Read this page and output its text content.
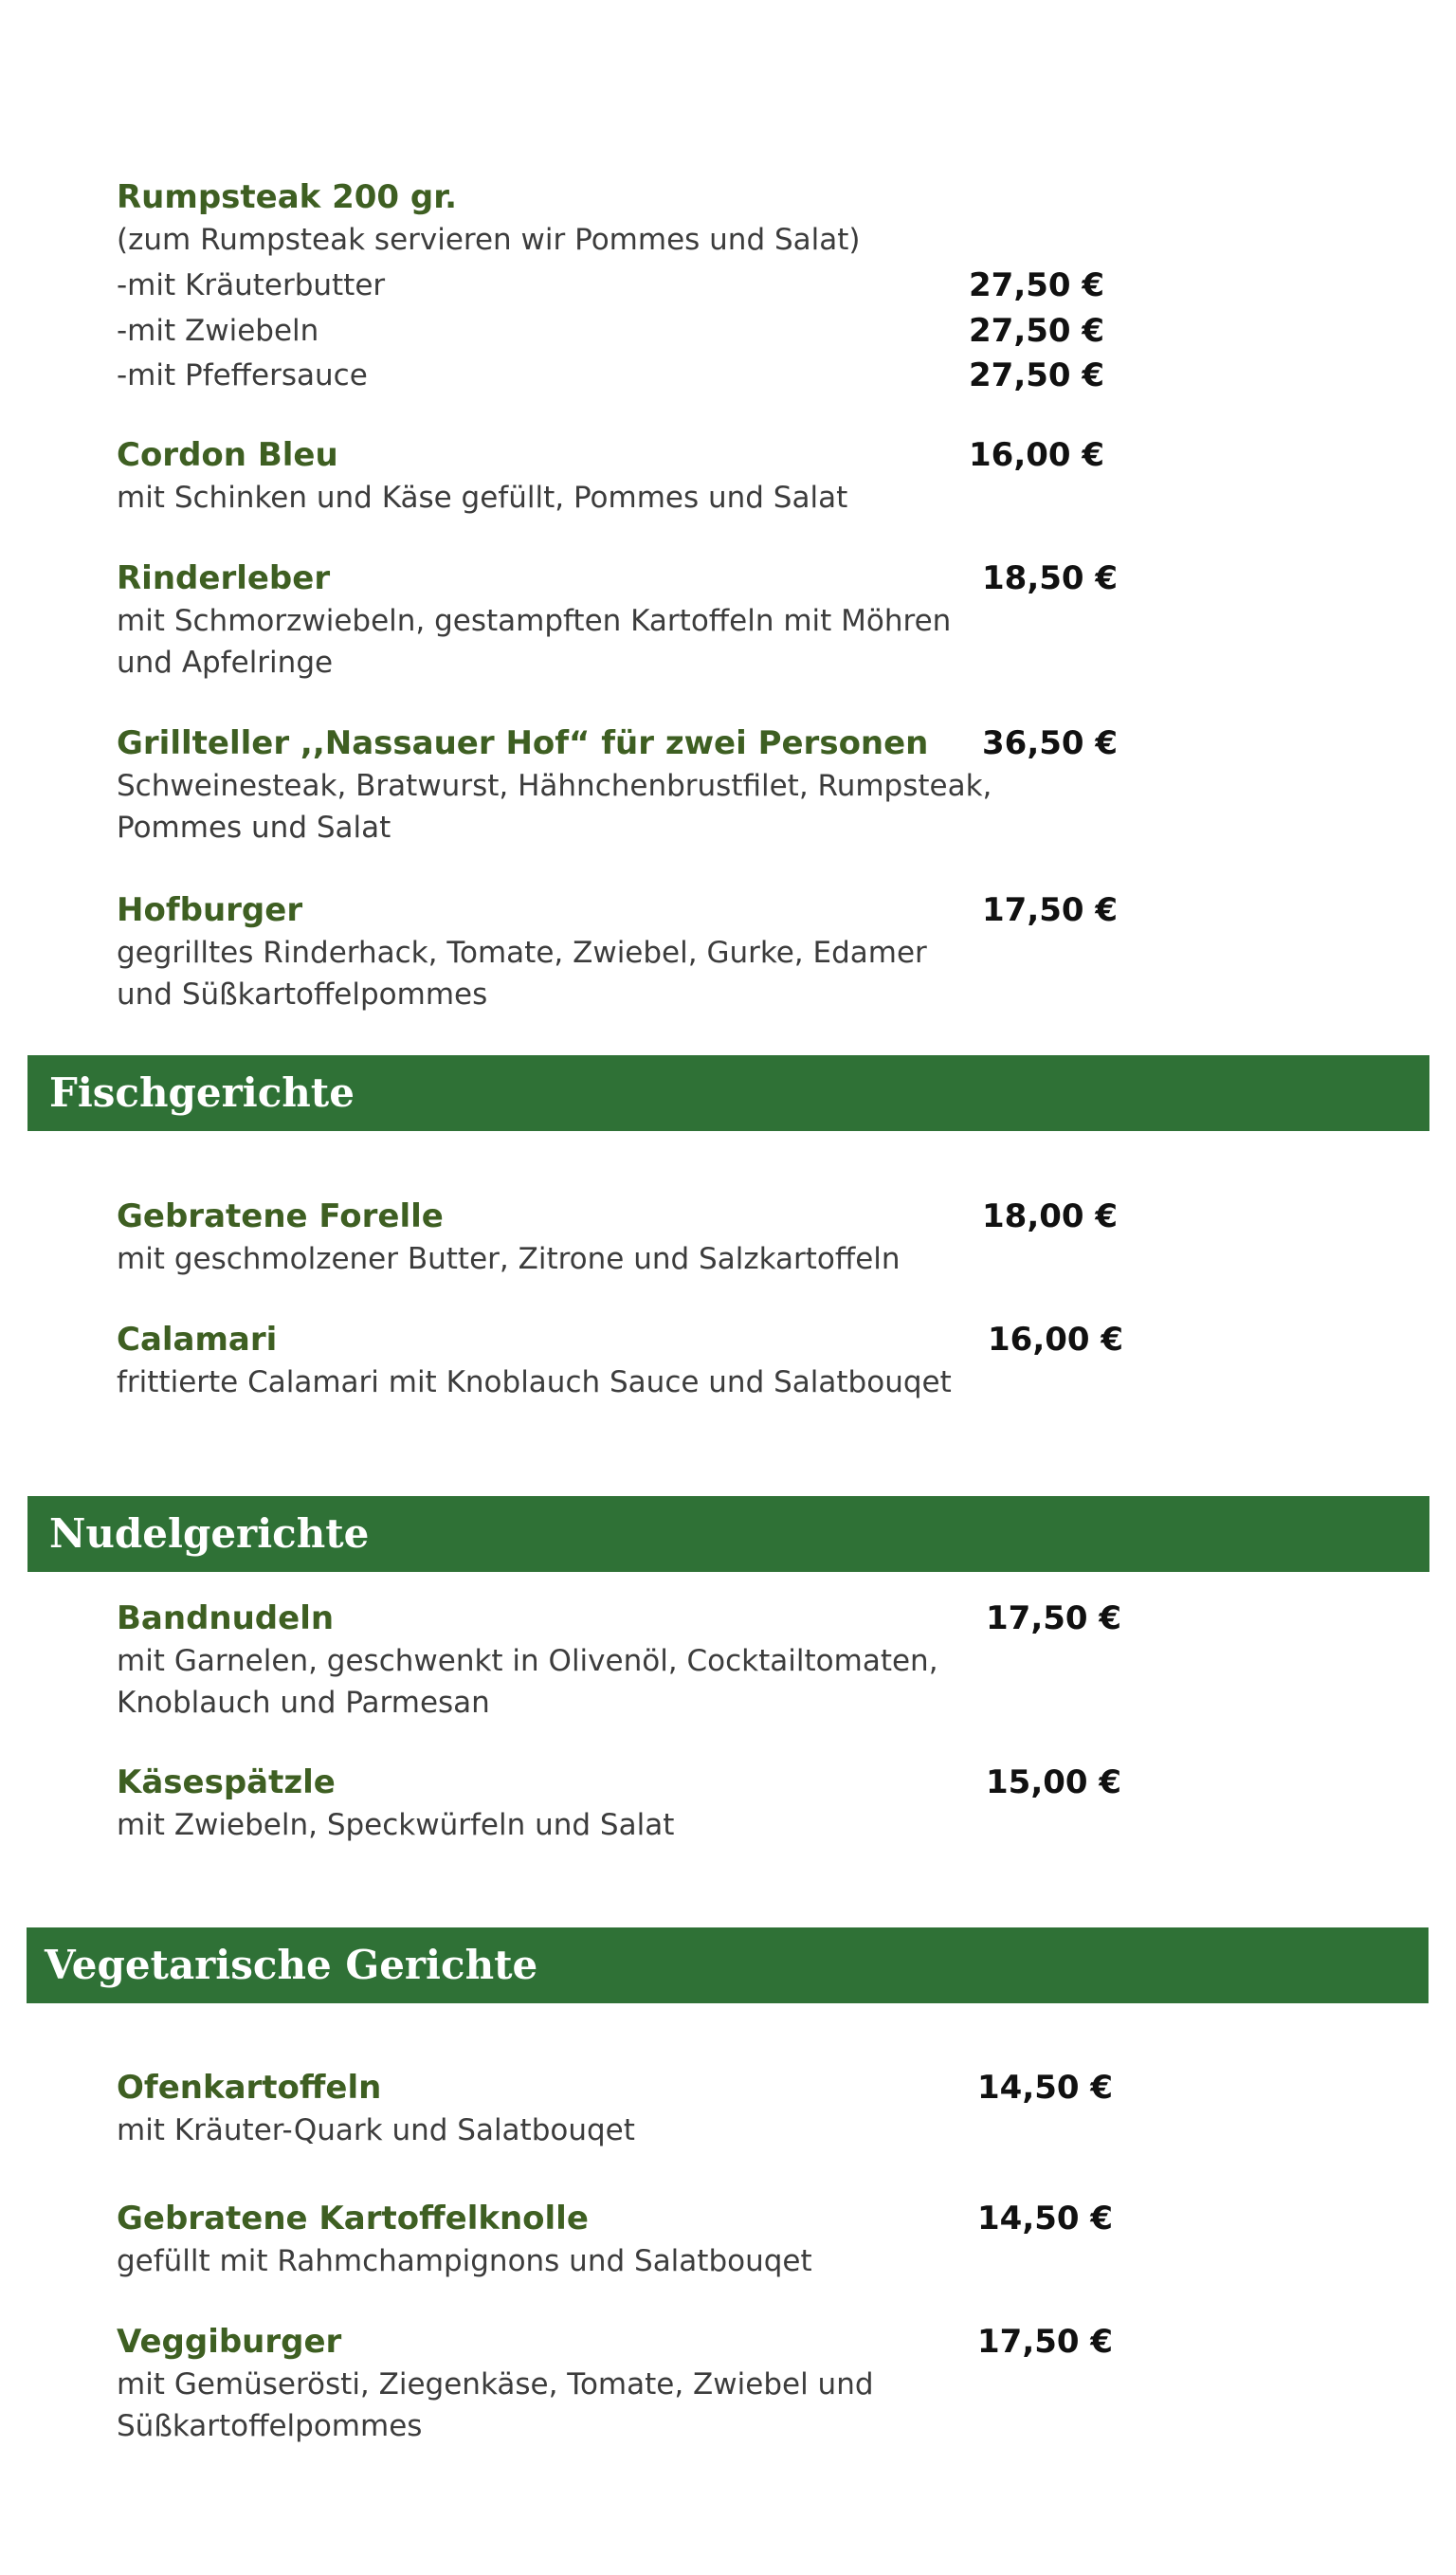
Rumpsteak 200 gr.
(zum Rumpsteak servieren wir Pommes und Salat)
-mit Kräuterbutter	27,50 €
-mit Zwiebeln	27,50 €
-mit Pfeffersauce	27,50 €
Cordon Bleu	16,00 €
mit Schinken und Käse gefüllt, Pommes und Salat
Rinderleber	18,50 €
mit Schmorzwiebeln, gestampften Kartoffeln mit Möhren
und Apfelringe
Grillteller ,,Nassauer Hof“ für zwei Personen 36,50 €
Schweinesteak, Bratwurst, Hähnchenbrustfilet, Rumpsteak,
Pommes und Salat
Hofburger	17,50 €
gegrilltes Rinderhack, Tomate, Zwiebel, Gurke, Edamer
und Süßkartoffelpommes
Fischgerichte
Gebratene Forelle	18,00 €
mit geschmolzener Butter, Zitrone und Salzkartoffeln
Calamari	16,00 €
frittierte Calamari mit Knoblauch Sauce und Salatbouqet
Nudelgerichte
Bandnudeln	17,50 €
mit Garnelen, geschwenkt in Olivenöl, Cocktailtomaten,
Knoblauch und Parmesan
Käsespätzle	15,00 €
mit Zwiebeln, Speckwürfeln und Salat
Vegetarische Gerichte
Ofenkartoffeln	14,50 €
mit Kräuter-Quark und Salatbouqet
Gebratene Kartoffelknolle	14,50 €
gefüllt mit Rahmchampignons und Salatbouqet
Veggiburger	17,50 €
mit Gemüserösti, Ziegenkäse, Tomate, Zwiebel und
Süßkartoffelpommes
